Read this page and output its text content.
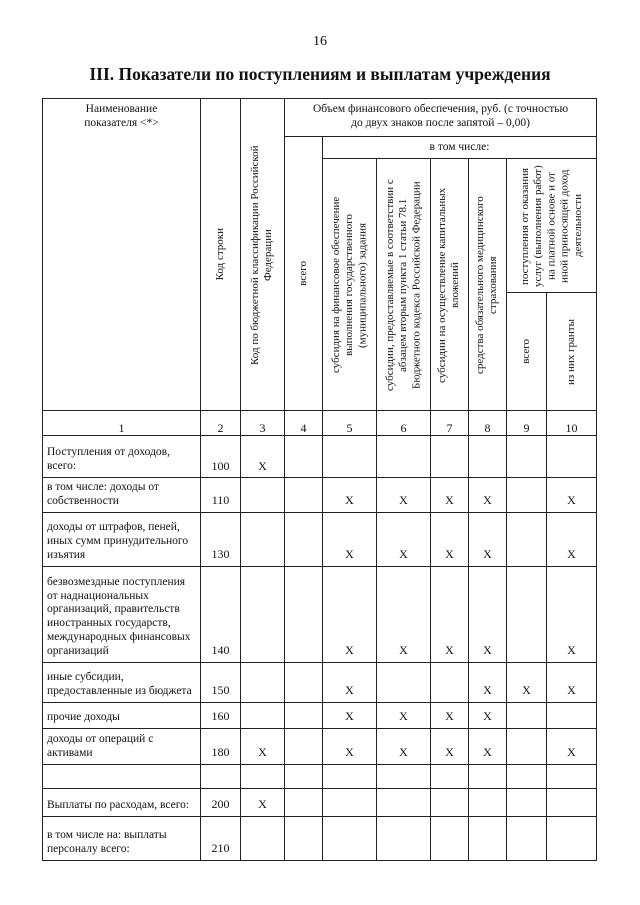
16
III. Показатели по поступлениям и выплатам учреждения
Наименование показателя <*>	Код строки	Код по бюджетной классификации Российской Федерации	Объем финансового обеспечения, руб. (с точностью до двух знаков после запятой – 0,00)						

			всего	в том числе:					

				субсидия на финансовое обеспечение выполнения государственного (муниципального) задания	субсидии, предоставляемые в соответствии с абзацем вторым пункта 1 статьи 78.1 Бюджетного кодекса Российской Федерации	субсидии на осуществление капитальных вложений	средства обязательного медицинского страхования	поступления от оказания услуг (выполнения работ) на платной основе и от иной приносящей доход деятельности	

								всего	из них гранты

1	2	3	4	5	6	7	8	9	10
Поступления от доходов, всего:	100	X							
в том числе: доходы от собственности	110			X	X	X	X		X
доходы от штрафов, пеней, иных сумм принудительного изъятия	130			X	X	X	X		X
безвозмездные поступления от наднациональных организаций, правительств иностранных государств, международных финансовых организаций	140			X	X	X	X		X
иные субсидии, предоставленные из бюджета	150			X			X	X	X
прочие доходы	160			X	X	X	X		
доходы от операций с активами	180	X		X	X	X	X		X

Выплаты по расходам, всего:	200	X							
в том числе на: выплаты персоналу всего:	210								
